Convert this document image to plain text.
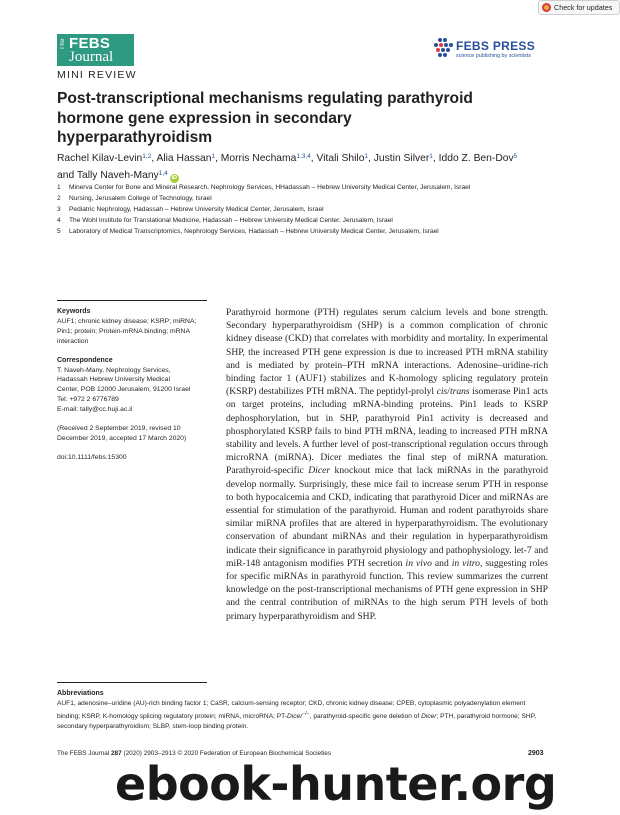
Check for updates
The FEBS
Journal
FEBS PRESS
science publishing by scientists
MINI REVIEW
Post-transcriptional mechanisms regulating parathyroid hormone gene expression in secondary hyperparathyroidism
Rachel Kilav-Levin$^{1,2}$, Alia Hassan$^1$, Morris Nechama$^{1,3,4}$, Vitali Shilo$^1$, Justin Silver$^1$, Iddo Z. Ben-Dov$^5$ and Tally Naveh-Many$^{1,4}$iD
1 Minerva Center for Bone and Mineral Research, Nephrology Services, HHadassah – Hebrew University Medical Center, Jerusalem, Israel
2 Nursing, Jerusalem College of Technology, Israel
3 Pediatric Nephrology, Hadassah – Hebrew University Medical Center, Jerusalem, Israel
4 The Wohl Institute for Translational Medicine, Hadassah – Hebrew University Medical Center, Jerusalem, Israel
5 Laboratory of Medical Transcriptomics, Nephrology Services, Hadassah – Hebrew University Medical Center, Jerusalem, Israel
Keywords
AUF1; chronic kidney disease; KSRP; miRNA; Pin1; protein; Protein-mRNA binding; mRNA interaction
Correspondence
T. Naveh-Many, Nephrology Services,
Hadassah Hebrew University Medical
Center, POB 12000 Jerusalem, 91200 Israel
Tel: +972 2 6776789
E-mail: tally@cc.huji.ac.il
(Received 2 September 2019, revised 10 December 2019, accepted 17 March 2020)
doi:10.1111/febs.15300

Parathyroid hormone (PTH) regulates serum calcium levels and bone strength. Secondary hyperparathyroidism (SHP) is a common complication of chronic kidney disease (CKD) that correlates with morbidity and mortality. In experimental SHP, the increased PTH gene expression is due to increased PTH mRNA stability and is mediated by protein–PTH mRNA interactions. Adenosine–uridine-rich binding factor 1 (AUF1) stabilizes and K-homology splicing regulatory protein (KSRP) destabilizes PTH mRNA. The peptidyl-prolyl cis/trans isomerase Pin1 acts on target proteins, including mRNA-binding proteins. Pin1 leads to KSRP dephosphorylation, but in SHP, parathyroid Pin1 activity is decreased and phosphorylated KSRP fails to bind PTH mRNA, leading to increased PTH mRNA stability and levels. A further level of post-transcriptional regulation occurs through microRNA (miRNA). Dicer mediates the final step of miRNA maturation. Parathyroid-specific Dicer knockout mice that lack miRNAs in the parathyroid develop normally. Surprisingly, these mice fail to increase serum PTH in response to both hypocalcemia and CKD, indicating that parathyroid Dicer and miRNAs are essential for stimulation of the parathyroid. Human and rodent parathyroids share similar miRNA profiles that are altered in hyperparathyroidism. The evolutionary conservation of abundant miRNAs and their regulation in hyperparathyroidism indicate their significance in parathyroid physiology and pathophysiology. let-7 and miR-148 antagonism modifies PTH secretion in vivo and in vitro, suggesting roles for specific miRNAs in parathyroid function. This review summarizes the current knowledge on the post-transcriptional mechanisms of PTH gene expression in SHP and the central contribution of miRNAs to the high serum PTH levels of both primary hyperparathyroidism and SHP.

Abbreviations
AUF1, adenosine–uridine (AU)-rich binding factor 1; CaSR, calcium-sensing receptor; CKD, chronic kidney disease; CPEB, cytoplasmic polyadenylation element binding; KSRP, K-homology splicing regulatory protein; miRNA, microRNA; PT-Dicer−/−, parathyroid-specific gene deletion of Dicer; PTH, parathyroid hormone; SHP, secondary hyperparathyroidism; SLBP, stem-loop binding protein.
The FEBS Journal 287 (2020) 2903–2913 © 2020 Federation of European Biochemical Societies	2903
ebook-hunter.org
